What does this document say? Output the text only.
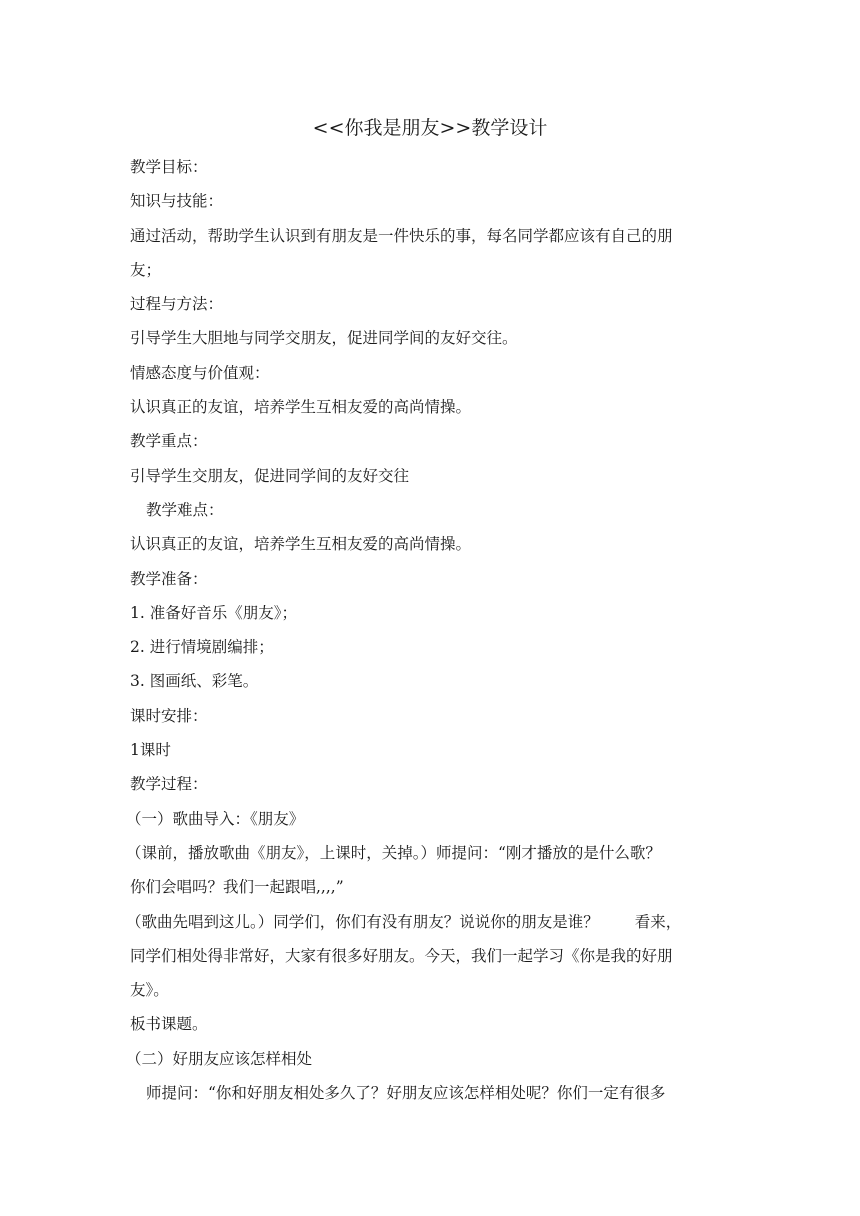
<<你我是朋友>>教学设计
教学目标：
知识与技能：
通过活动，帮助学生认识到有朋友是一件快乐的事，每名同学都应该有自己的朋
友；
过程与方法：
引导学生大胆地与同学交朋友，促进同学间的友好交往。
情感态度与价值观：
认识真正的友谊，培养学生互相友爱的高尚情操。
教学重点：
引导学生交朋友，促进同学间的友好交往
教学难点：
认识真正的友谊，培养学生互相友爱的高尚情操。
教学准备：
1. 准备好音乐《朋友》；
2. 进行情境剧编排；
3. 图画纸、彩笔。
课时安排：
1课时
教学过程：
（一）歌曲导入：《朋友》
（课前，播放歌曲《朋友》，上课时，关掉。）师提问：“刚才播放的是什么歌？
你们会唱吗？我们一起跟唱,,,,”
（歌曲先唱到这儿。）同学们，你们有没有朋友？说说你的朋友是谁？ 看来，
同学们相处得非常好，大家有很多好朋友。今天，我们一起学习《你是我的好朋
友》。
板书课题。
（二）好朋友应该怎样相处
师提问：“你和好朋友相处多久了？好朋友应该怎样相处呢？你们一定有很多
